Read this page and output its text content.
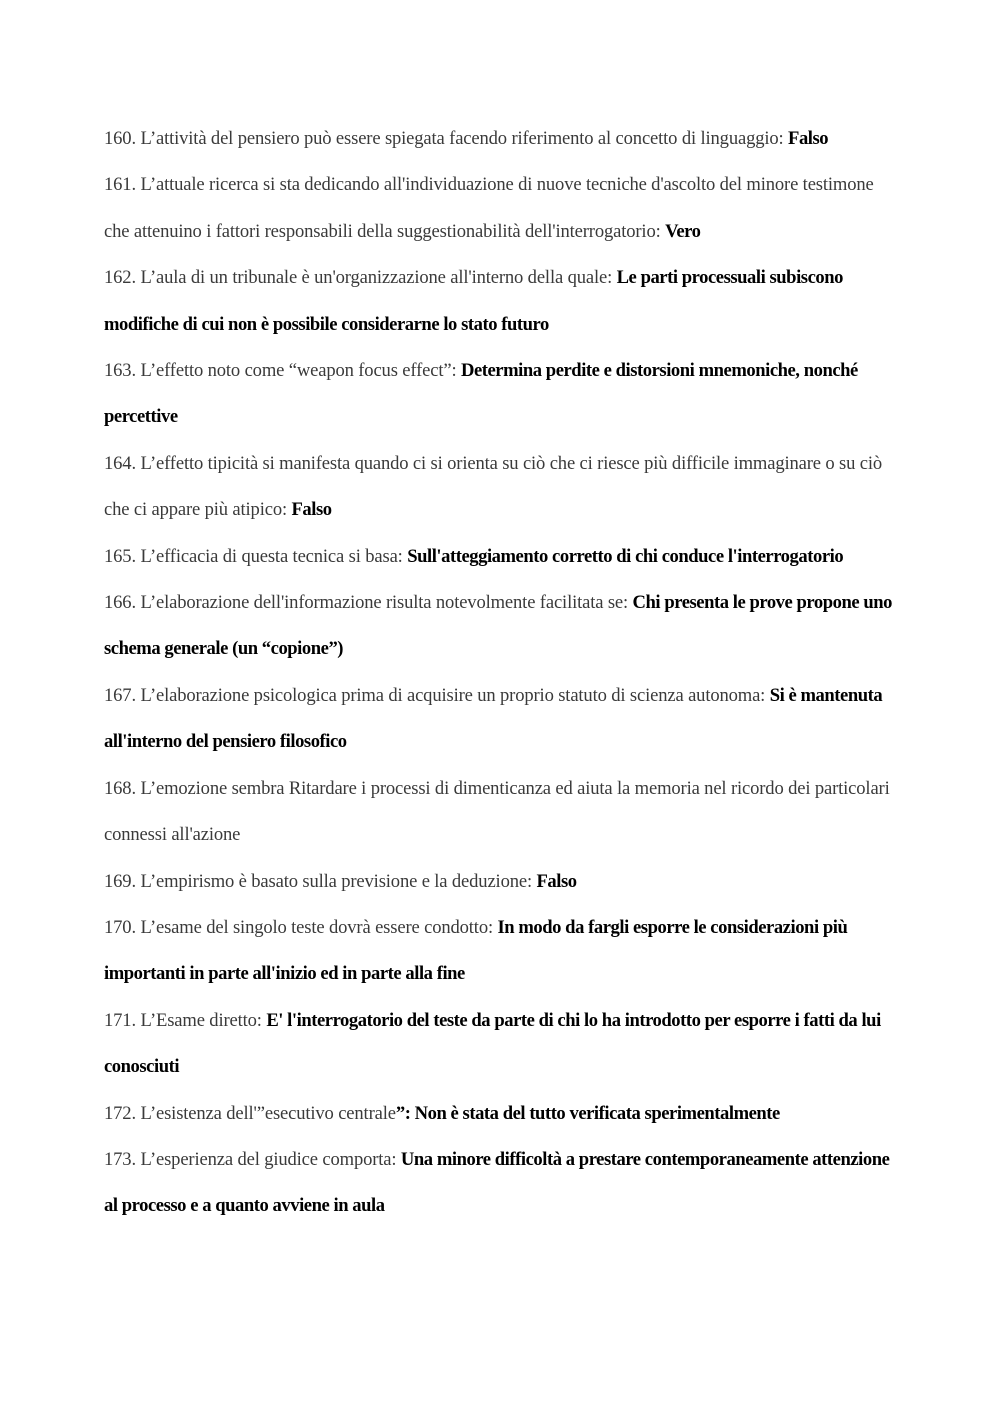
160. L’attività del pensiero può essere spiegata facendo riferimento al concetto di linguaggio: Falso

161. L’attuale ricerca si sta dedicando all'individuazione di nuove tecniche d'ascolto del minore testimone che attenuino i fattori responsabili della suggestionabilità dell'interrogatorio: Vero

162. L’aula di un tribunale è un'organizzazione all'interno della quale: Le parti processuali subiscono modifiche di cui non è possibile considerarne lo stato futuro

163. L’effetto noto come “weapon focus effect”: Determina perdite e distorsioni mnemoniche, nonché percettive

164. L’effetto tipicità si manifesta quando ci si orienta su ciò che ci riesce più difficile immaginare o su ciò che ci appare più atipico: Falso

165. L’efficacia di questa tecnica si basa: Sull'atteggiamento corretto di chi conduce l'interrogatorio

166. L’elaborazione dell'informazione risulta notevolmente facilitata se: Chi presenta le prove propone uno schema generale (un “copione”)

167. L’elaborazione psicologica prima di acquisire un proprio statuto di scienza autonoma: Si è mantenuta all'interno del pensiero filosofico

168. L’emozione sembra Ritardare i processi di dimenticanza ed aiuta la memoria nel ricordo dei particolari connessi all'azione

169. L’empirismo è basato sulla previsione e la deduzione: Falso

170. L’esame del singolo teste dovrà essere condotto: In modo da fargli esporre le considerazioni più importanti in parte all'inizio ed in parte alla fine

171. L’Esame diretto: E' l'interrogatorio del teste da parte di chi lo ha introdotto per esporre i fatti da lui conosciuti

172. L’esistenza dell'”esecutivo centrale”: Non è stata del tutto verificata sperimentalmente

173. L’esperienza del giudice comporta: Una minore difficoltà a prestare contemporaneamente attenzione al processo e a quanto avviene in aula
